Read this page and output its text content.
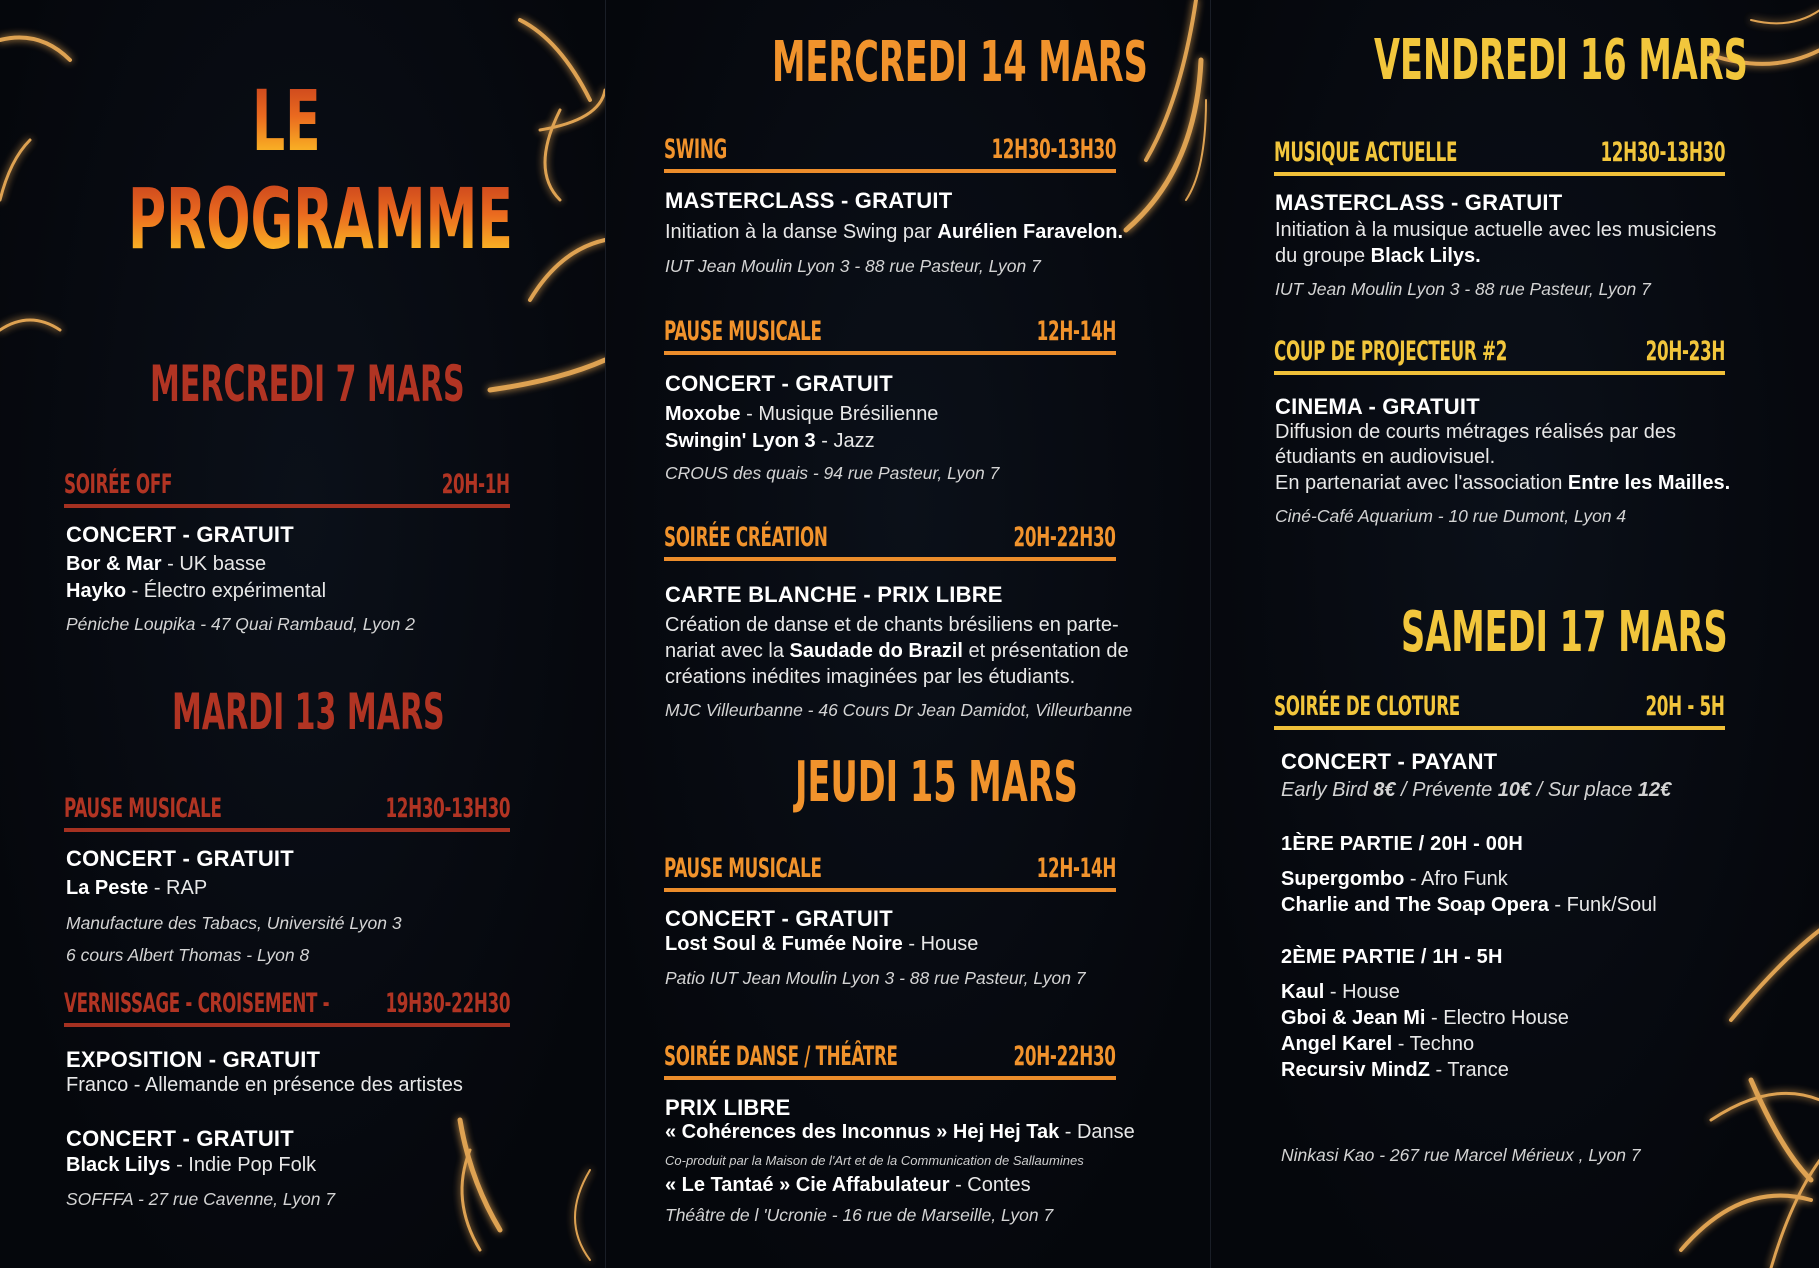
LE
PROGRAMME
MERCREDI 7 MARS
SOIRÉE OFF	20H-1H
CONCERT - GRATUIT
Bor & Mar - UK basse
Hayko - Électro expérimental
Péniche Loupika - 47 Quai Rambaud, Lyon 2
MARDI 13 MARS
PAUSE MUSICALE	12H30-13H30
CONCERT - GRATUIT
La Peste - RAP
Manufacture des Tabacs, Université Lyon 3
6 cours Albert Thomas - Lyon 8
VERNISSAGE - CROISEMENT - 19H30-22H30
EXPOSITION - GRATUIT
Franco - Allemande en présence des artistes
CONCERT - GRATUIT
Black Lilys - Indie Pop Folk
SOFFFA - 27 rue Cavenne, Lyon 7
MERCREDI 14 MARS
SWING	12H30-13H30
MASTERCLASS - GRATUIT
Initiation à la danse Swing par Aurélien Faravelon.
IUT Jean Moulin Lyon 3 - 88 rue Pasteur, Lyon 7
PAUSE MUSICALE	12H-14H
CONCERT - GRATUIT
Moxobe - Musique Brésilienne
Swingin' Lyon 3 - Jazz
CROUS des quais - 94 rue Pasteur, Lyon 7
SOIRÉE CRÉATION	20H-22H30
CARTE BLANCHE - PRIX LIBRE
Création de danse et de chants brésiliens en parte-
nariat avec la Saudade do Brazil et présentation de
créations inédites imaginées par les étudiants.
MJC Villeurbanne - 46 Cours Dr Jean Damidot, Villeurbanne
JEUDI 15 MARS
PAUSE MUSICALE	12H-14H
CONCERT - GRATUIT
Lost Soul & Fumée Noire - House
Patio IUT Jean Moulin Lyon 3 - 88 rue Pasteur, Lyon 7
SOIRÉE DANSE / THÉÂTRE	20H-22H30
PRIX LIBRE
« Cohérences des Inconnus » Hej Hej Tak - Danse
Co-produit par la Maison de l'Art et de la Communication de Sallaumines
« Le Tantaé » Cie Affabulateur - Contes
Théâtre de l 'Ucronie - 16 rue de Marseille, Lyon 7
VENDREDI 16 MARS
MUSIQUE ACTUELLE	12H30-13H30
MASTERCLASS - GRATUIT
Initiation à la musique actuelle avec les musiciens
du groupe Black Lilys.
IUT Jean Moulin Lyon 3 - 88 rue Pasteur, Lyon 7
COUP DE PROJECTEUR #2	20H-23H
CINEMA - GRATUIT
Diffusion de courts métrages réalisés par des
étudiants en audiovisuel.
En partenariat avec l'association Entre les Mailles.
Ciné-Café Aquarium - 10 rue Dumont, Lyon 4
SAMEDI 17 MARS
SOIRÉE DE CLOTURE	20H - 5H
CONCERT - PAYANT
Early Bird 8€ / Prévente 10€ / Sur place 12€
1ÈRE PARTIE / 20H - 00H
Supergombo - Afro Funk
Charlie and The Soap Opera - Funk/Soul
2ÈME PARTIE / 1H - 5H
Kaul - House
Gboi & Jean Mi - Electro House
Angel Karel - Techno
Recursiv MindZ - Trance
Ninkasi Kao - 267 rue Marcel Mérieux , Lyon 7
